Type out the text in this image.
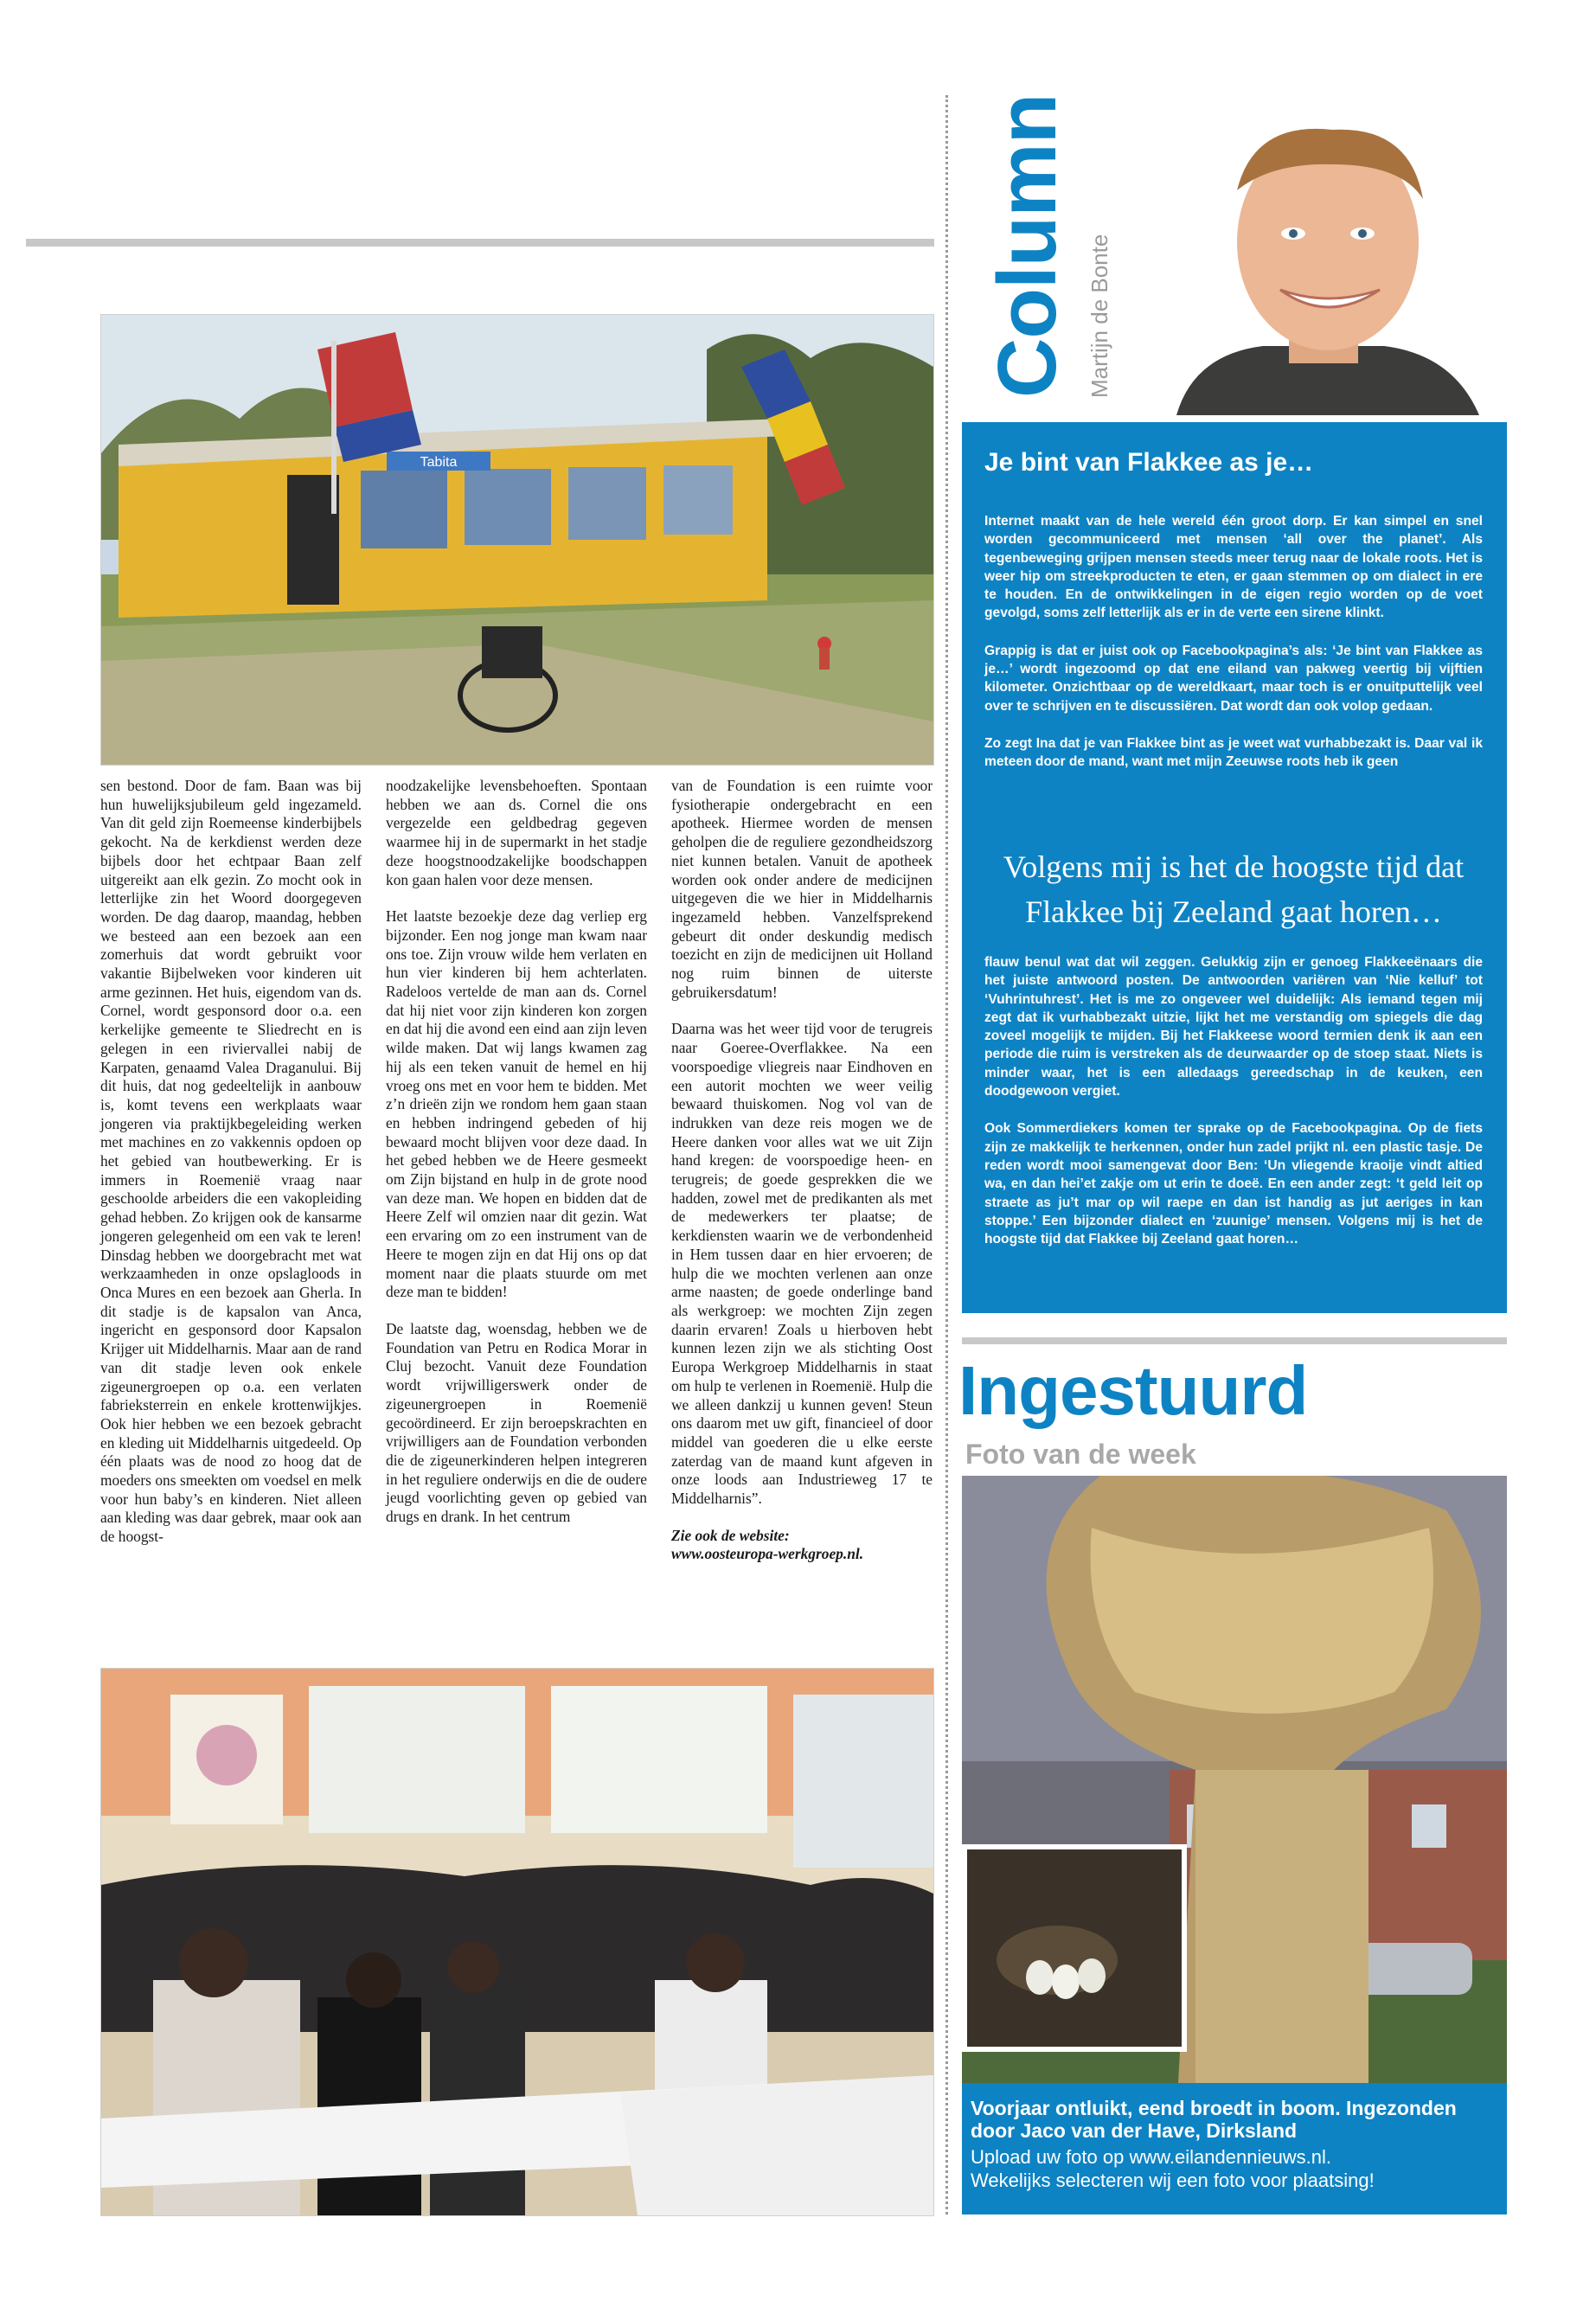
Tabita

sen bestond. Door de fam. Baan was bij hun huwelijksjubileum geld ingezameld. Van dit geld zijn Roemeense kinderbijbels gekocht. Na de kerkdienst werden deze bijbels door het echtpaar Baan zelf uitgereikt aan elk gezin. Zo mocht ook in letterlijke zin het Woord doorgegeven worden. De dag daarop, maandag, hebben we besteed aan een bezoek aan een zomerhuis dat wordt gebruikt voor vakantie Bijbelweken voor kinderen uit arme gezinnen. Het huis, eigendom van ds. Cornel, wordt gesponsord door o.a. een kerkelijke gemeente te Sliedrecht en is gelegen in een riviervallei nabij de Karpaten, genaamd Valea Draganului. Bij dit huis, dat nog gedeeltelijk in aanbouw is, komt tevens een werkplaats waar jongeren via praktijkbegeleiding werken met machines en zo vakkennis opdoen op het gebied van houtbewerking. Er is immers in Roemenië vraag naar geschoolde arbeiders die een vakopleiding gehad hebben. Zo krijgen ook de kansarme jongeren gelegenheid om een vak te leren! Dinsdag hebben we doorgebracht met wat werkzaamheden in onze opslagloods in Onca Mures en een bezoek aan Gherla. In dit stadje is de kapsalon van Anca, ingericht en gesponsord door Kapsalon Krijger uit Middelharnis. Maar aan de rand van dit stadje leven ook enkele zigeunergroepen op o.a. een verlaten fabrieksterrein en enkele krottenwijkjes. Ook hier hebben we een bezoek gebracht en kleding uit Middelharnis uitgedeeld. Op één plaats was de nood zo hoog dat de moeders ons smeekten om voedsel en melk voor hun baby’s en kinderen. Niet alleen aan kleding was daar gebrek, maar ook aan de hoogst-

noodzakelijke levensbehoeften. Spontaan hebben we aan ds. Cornel die ons vergezelde een geldbedrag gegeven waarmee hij in de supermarkt in het stadje deze hoogstnoodzakelijke boodschappen kon gaan halen voor deze mensen.

Het laatste bezoekje deze dag verliep erg bijzonder. Een nog jonge man kwam naar ons toe. Zijn vrouw wilde hem verlaten en hun vier kinderen bij hem achterlaten. Radeloos vertelde de man aan ds. Cornel dat hij niet voor zijn kinderen kon zorgen en dat hij die avond een eind aan zijn leven wilde maken. Dat wij langs kwamen zag hij als een teken vanuit de hemel en hij vroeg ons met en voor hem te bidden. Met z’n drieën zijn we rondom hem gaan staan en hebben indringend gebeden of hij bewaard mocht blijven voor deze daad. In het gebed hebben we de Heere gesmeekt om Zijn bijstand en hulp in de grote nood van deze man. We hopen en bidden dat de Heere Zelf wil omzien naar dit gezin. Wat een ervaring om zo een instrument van de Heere te mogen zijn en dat Hij ons op dat moment naar die plaats stuurde om met deze man te bidden!

De laatste dag, woensdag, hebben we de Foundation van Petru en Rodica Morar in Cluj bezocht. Vanuit deze Foundation wordt vrijwilligerswerk onder de zigeunergroepen in Roemenië gecoördineerd. Er zijn beroepskrachten en vrijwilligers aan de Foundation verbonden die de zigeunerkinderen helpen integreren in het reguliere onderwijs en die de oudere jeugd voorlichting geven op gebied van drugs en drank. In het centrum

van de Foundation is een ruimte voor fysiotherapie ondergebracht en een apotheek. Hiermee worden de mensen geholpen die de reguliere gezondheidszorg niet kunnen betalen. Vanuit de apotheek worden ook onder andere de medicijnen uitgegeven die we hier in Middelharnis ingezameld hebben. Vanzelfsprekend gebeurt dit onder deskundig medisch toezicht en zijn de medicijnen uit Holland nog ruim binnen de uiterste gebruikersdatum!

Daarna was het weer tijd voor de terugreis naar Goeree-Overflakkee. Na een voorspoedige vliegreis naar Eindhoven en een autorit mochten we weer veilig bewaard thuiskomen. Nog vol van de indrukken van deze reis mogen we de Heere danken voor alles wat we uit Zijn hand kregen: de voorspoedige heen- en terugreis; de goede gesprekken die we hadden, zowel met de predikanten als met de medewerkers ter plaatse; de kerkdiensten waarin we de verbondenheid in Hem tussen daar en hier ervoeren; de hulp die we mochten verlenen aan onze arme naasten; de goede onderlinge band als werkgroep: we mochten Zijn zegen daarin ervaren! Zoals u hierboven hebt kunnen lezen zijn we als stichting Oost Europa Werkgroep Middelharnis in staat om hulp te verlenen in Roemenië. Hulp die we alleen dankzij u kunnen geven! Steun ons daarom met uw gift, financieel of door middel van goederen die u elke eerste zaterdag van de maand kunt afgeven in onze loods aan Industrieweg 17 te Middelharnis”.

Zie ook de website:
www.oosteuropa-werkgroep.nl.

Column Martijn de Bonte
Je bint van Flakkee as je…

Internet maakt van de hele wereld één groot dorp. Er kan simpel en snel worden gecommuniceerd met mensen ‘all over the planet’. Als tegenbeweging grijpen mensen steeds meer terug naar de lokale roots. Het is weer hip om streekproducten te eten, er gaan stemmen op om dialect in ere te houden. En de ontwikkelingen in de eigen regio worden op de voet gevolgd, soms zelf letterlijk als er in de verte een sirene klinkt.

Grappig is dat er juist ook op Facebookpagina’s als: ‘Je bint van Flakkee as je…’ wordt ingezoomd op dat ene eiland van pakweg veertig bij vijftien kilometer. Onzichtbaar op de wereldkaart, maar toch is er onuitputtelijk veel over te schrijven en te discussiëren. Dat wordt dan ook volop gedaan.

Zo zegt Ina dat je van Flakkee bint as je weet wat vurhabbezakt is. Daar val ik meteen door de mand, want met mijn Zeeuwse roots heb ik geen

Volgens mij is het de hoogste tijd dat Flakkee bij Zeeland gaat horen…

flauw benul wat dat wil zeggen. Gelukkig zijn er genoeg Flakkeeënaars die het juiste antwoord posten. De antwoorden variëren van ‘Nie kelluf’ tot ‘Vuhrintuhrest’. Het is me zo ongeveer wel duidelijk: Als iemand tegen mij zegt dat ik vurhabbezakt uitzie, lijkt het me verstandig om spiegels die dag zoveel mogelijk te mijden. Bij het Flakkeese woord termien denk ik aan een periode die ruim is verstreken als de deurwaarder op de stoep staat. Niets is minder waar, het is een alledaags gereedschap in de keuken, een doodgewoon vergiet.

Ook Sommerdiekers komen ter sprake op de Facebookpagina. Op de fiets zijn ze makkelijk te herkennen, onder hun zadel prijkt nl. een plastic tasje. De reden wordt mooi samengevat door Ben: ‘Un vliegende kraoije vindt altied wa, en dan hei’et zakje om ut erin te doeë. En een ander zegt: ‘t geld leit op straete as ju’t mar op wil raepe en dan ist handig as jut aeriges in kan stoppe.’ Een bijzonder dialect en ‘zuunige’ mensen. Volgens mij is het de hoogste tijd dat Flakkee bij Zeeland gaat horen…

Ingestuurd
Foto van de week
Voorjaar ontluikt, eend broedt in boom. Ingezonden door Jaco van der Have, Dirksland
Upload uw foto op www.eilandennieuws.nl.
Wekelijks selecteren wij een foto voor plaatsing!
